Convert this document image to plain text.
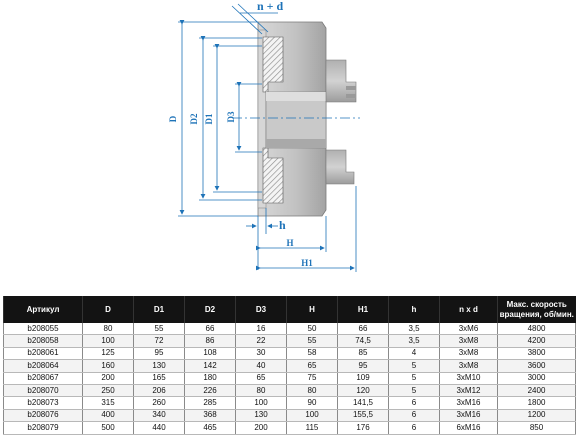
D D2 D1 D3
n + d
h
H
H1
Артикул	D	D1	D2	D3	H	H1	h	n x d	Макс. скорость вращения, об/мин.
b208055	80	55	66	16	50	66	3,5	3xM6	4800
b208058	100	72	86	22	55	74,5	3,5	3xM8	4200
b208061	125	95	108	30	58	85	4	3xM8	3800
b208064	160	130	142	40	65	95	5	3xM8	3600
b208067	200	165	180	65	75	109	5	3xM10	3000
b208070	250	206	226	80	80	120	5	3xM12	2400
b208073	315	260	285	100	90	141,5	6	3xM16	1800
b208076	400	340	368	130	100	155,5	6	3xM16	1200
b208079	500	440	465	200	115	176	6	6xM16	850
